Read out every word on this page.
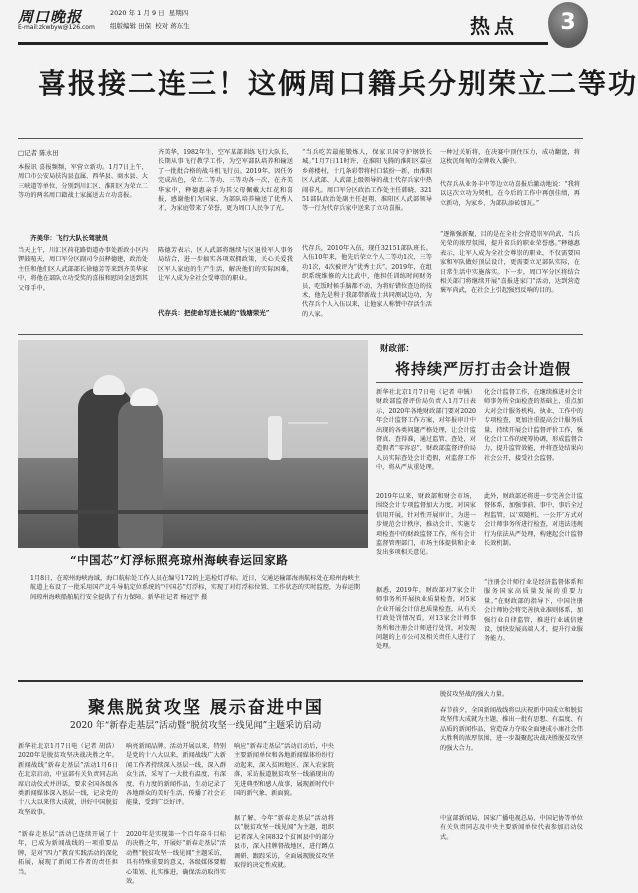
周口晚报
E-mail:zkwbyw@126.com
2020 年 1 月 9 日 星期四
组版编辑 田保 校对 蒋东生	热点	3
喜报接二连三！这俩周口籍兵分别荣立二等功
□记者 陈永田
本报讯 喜报频频，军营立新功。1月7日上午，周口市公安局扶沟县直属、西华县、商水县、大三峡道等单位、分别到川汇区、淮阳区为荣立二等功的两名周口籍战士家属送去立功喜报。
齐美华：飞行大队长驾驶员
当天上午，川汇区荷花路街道办事处新政小区内锣鼓喧天，周口军分区副司令员释德建，政治处主任和他们区人武部部长徐德芳等来到齐美华家中，将他在部队立功受奖的喜报和慰问金送到其父母手中。
齐美华，1982年生，空军某部训练飞行大队长，长期从事飞行教学工作，为空军部队培养和输送了一批批合格的战斗机飞行员。2019年，因任务完成出色，荣立二等功、三等功各一次，在齐美华家中，释德惠亲手为其父母佩戴大红花和喜报，感谢他们为国家、为部队培养输送了优秀人才，为家庭带来了荣誉，更为周口人民争了光。
陈德芳表示，区人武部将继续与区退役军人事务局结合，进一步搞实各项双拥政策，关心关爱我区军人家庭的生产生活，解决他们的实际困难，让军人成为全社会受尊崇的职业。
代存兵：把使命写进长城的“钱塘荣光”
“当兵吃苦最能锻炼人，保家卫国守护钢铁长城。”1月7日11时许，在淮阳飞腾的淮阳区嘉应乡蒋楼村，十几条彩带将村口装扮一新，由淮阳区人武部、人武部上级领导的战士代存兵家中热闹非凡。周口军分区政治工作处主任韩晓、32151部队政治处副主任赵翔、淮阳区人武部领导等一行为代存兵家中送来了立功喜报。
代存兵，2010年入伍，现任32151部队班长。入伍10年来，他先后荣立个人二等功1次、三等功1次，4次被评为“优秀士兵”。2019年，在组织系统维修的大比武中，他担任训练时间财务员，吃饭时候手脑都不动，为将好错位查边的技术，他先是利于我部带新战士共同测试边功，为代存兵个人入伍以来，让他家人称赞中存活生活的人家。
一种过关斩将，在决赛中顶住压力，成功翻盘，将这枚沉甸甸的金牌收入囊中。
代存兵从业务丰中等边立功喜报后激动地说：“我将以这次立功为契机，在今后的工作中再创佳绩，再立新功，为家乡、为部队添砖加瓦。”
“逐渐强新聚，目的是在全社会营造崇军尚武、当兵光荣的浓厚氛围，提升省兵的职业荣誉感。”释德惠表示，让军人成为全社会尊崇的职业，不仅需要国家和军队做好顶层设计，更需要立足部队实际，在日常生活中实施落实。下一步，周口军分区将结合相关部门将继续开展“喜报进家门”活动，达到营造褒军尚武，在社会上引起强烈反响的目的。
“中国芯”灯浮标照亮琼州海峡春运回家路
1月8日，在琼州海峡海域，海口航标处工作人员在编号172的上巡检灯浮标。近日，交通运输部海南航标处在琼州海峡主航道上布设了一批采用国产北斗导航定位系统的“中国芯”灯浮标，实现了对灯浮标位置、工作状态的实时监控，为春运期间琼州海峡船舶航行安全提供了有力保障。新华社记者 杨冠宇 摄
财政部：
将持续严厉打击会计造假
新华社北京1月7日电（记者 申铖）财政部监督评价局负责人1月7日表示，2020年各地财政部门要对2020年会计监督工作方案，对年报审计中出现的各类问题严格处理，让会计监督真、查得准，通过监管、查处，对造假者“零容忍”，财政部监督评价局人员实际查处会计造假，对监督工作中，将从严从重处理。
2019年以来，财政部和财会市场，围绕会计专项监督加大力度，对国家信用开展，针对性开展审计，为进一步规范会计秩序，推动会计、实施专项检查中的财政监督工作，所有会计监督管理部门，市场主体提供和企业发出多项相关意见。
据悉，2019年，财政部对7家会计师事务所开展执业质量检查，对5家企业开展会计信息质量检查，从有关行政处罚情况看，对13家会计师事务所和注册会计师进行处罚，对发现问题的上市公司及相关责任人进行了处理。
化会计监督工作，在继续推进对会计师事务所全面检查的基础上，重点加大对会计服务机构、执业、工作中的专项检查，更加注重提高会计服务质量，持续开展会计监督评价工作，强化会计工作的统筹协调，形成监督合力，提升监管效能，并将查处结果向社会公开，接受社会监督。
此外，财政部还将进一步完善会计监督体系，加强事前、事中、事后全过程监管，以‘双随机、一公开’方式对会计师事务所进行检查，对违法违规行为依法从严处理，构建起会计监督长效机制。
“注册会计师行业是经济监督体系和服务国家高质量发展的重要力量。”在财政部的指导下，中国注册会计师协会将完善执业准则体系，加强行业自律监管，推进行业诚信建设，加快发展高端人才，提升行业服务能力。
聚焦脱贫攻坚 展示奋进中国
2020 年“新春走基层”活动暨“脱贫攻坚一线见闻”主题采访启动
新华社北京1月7日电（记者 胡浩）2020年是脱贫攻坚决战决胜之年。新闻战线“新春走基层”活动1月6日在北京启动，中宣部有关负责同志出席启动仪式并讲话，要求全国各级各类新闻媒体深入基层一线，记录党的十八大以来伟大成就，讲好中国脱贫攻坚故事。
“新春走基层”活动已连续开展了十年，已成为新闻战线的一项重要品牌，是对“四力”教育实践活动的深化拓展，展现了新闻工作者的责任担当。
响亮新闻品牌。活动开展以来，特别是党的十八大以来，新闻战线广大新闻工作者持续深入基层一线、深入群众生活，采写了一大批有温度、有深度、有力度的新闻作品，生动记录了各地群众的美好生活，传播了社会正能量，受到广泛好评。
2020年是实现第一个百年奋斗目标的决胜之年，开展好“新春走基层”活动暨“脱贫攻坚一线见闻”主题采访，具有特殊重要的意义，各级媒体要精心策划、扎实推进，确保活动取得实效。
响应“新春走基层”活动启动后，中央主要新闻单位和各地新闻媒体纷纷行动起来，深入贫困地区、深入农家院落，采访报道脱贫攻坚一线涌现出的先进典型和感人故事，展现新时代中国的新气象、新面貌。
据了解，今年“新春走基层”活动将以“脱贫攻坚一线见闻”为主题，组织记者深入全国832个贫困县中的部分县市，深入挂牌督战地区，进行蹲点调研、跟踪采访，全面展现脱贫攻坚取得的决定性成就。
脱贫攻坚战的强大力量。
春节前夕，全国新闻战线将以庆祝新中国成立和脱贫攻坚伟大成就为主题，推出一批有思想、有温度、有品质的新闻作品，营造奋力夺取全面建成小康社会伟大胜利的浓厚氛围，进一步凝聚起决战决胜脱贫攻坚的强大合力。
中宣部新闻局、国家广播电视总局、中国记协等单位有关负责同志及中央主要新闻单位代表参加启动仪式。
